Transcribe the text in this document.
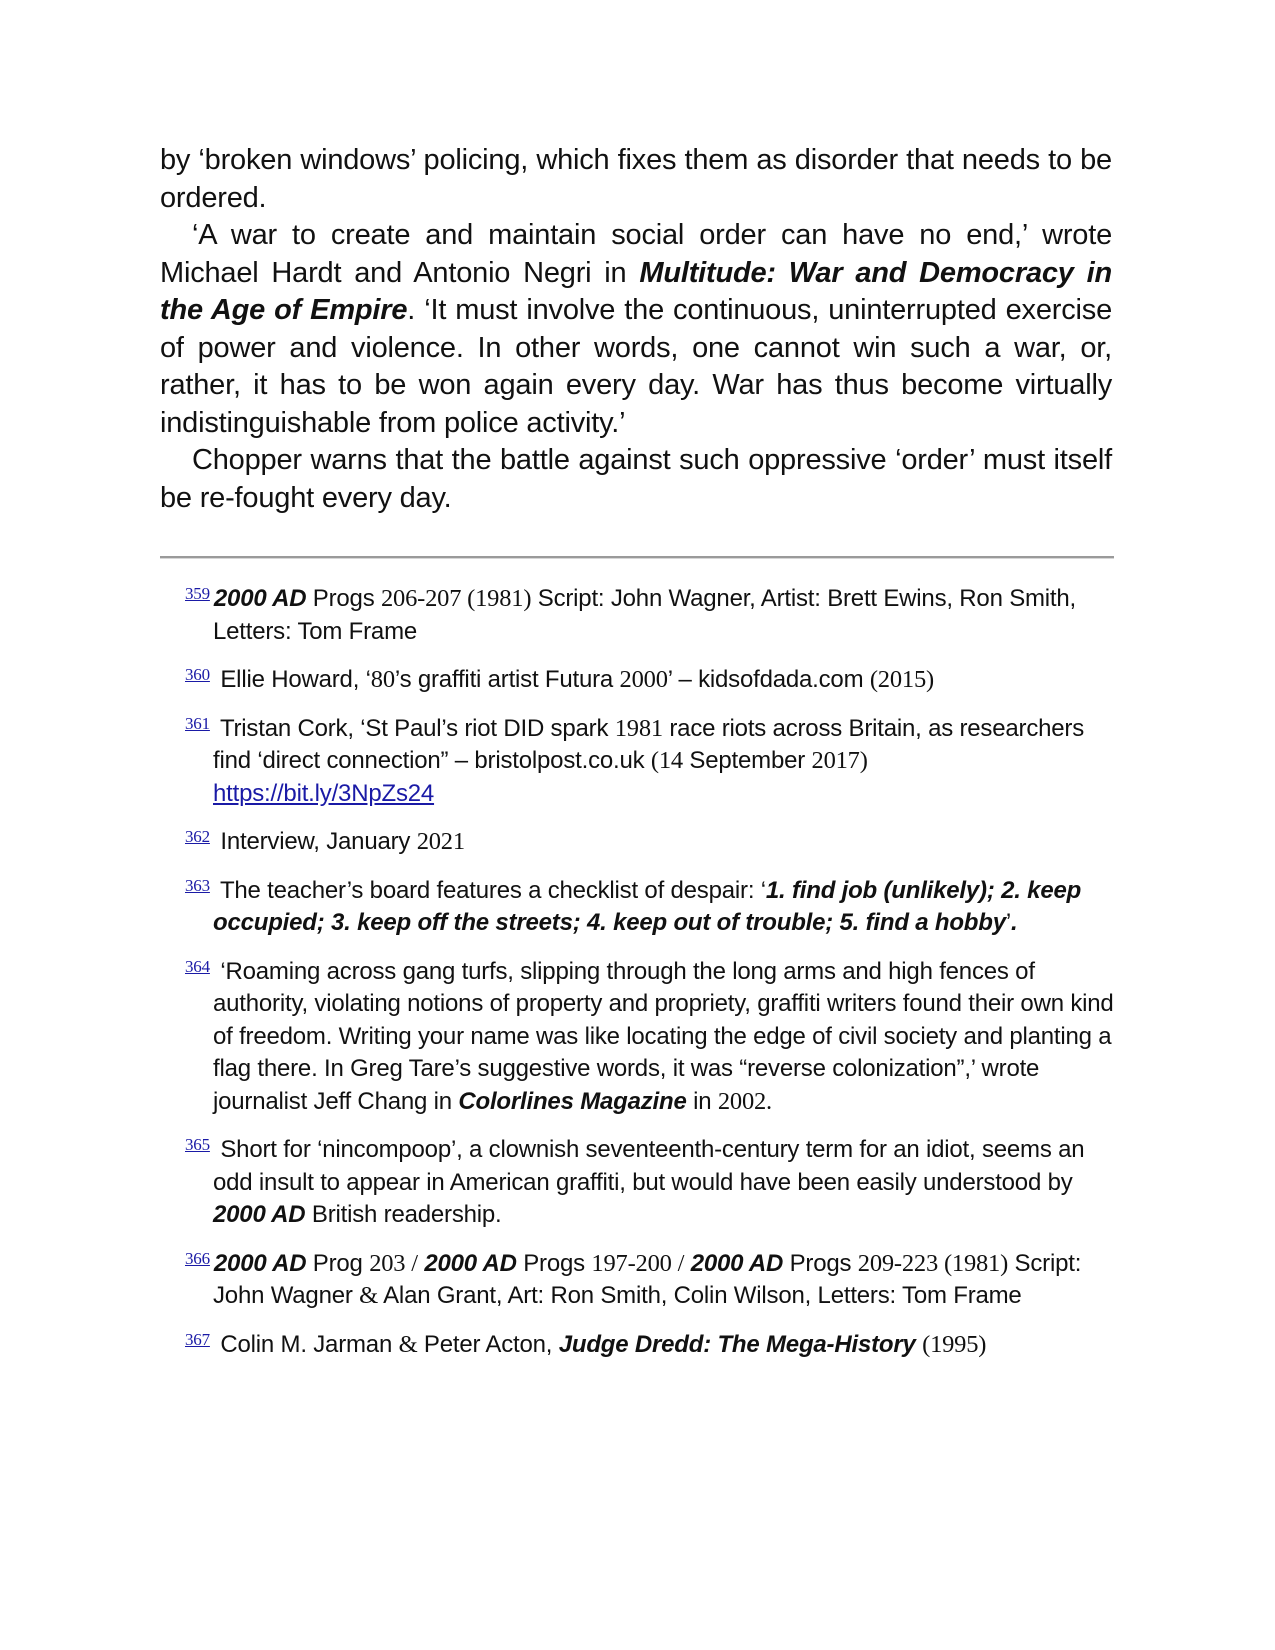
by ‘broken windows’ policing, which fixes them as disorder that needs to be ordered.

‘A war to create and maintain social order can have no end,’ wrote Michael Hardt and Antonio Negri in Multitude: War and Democracy in the Age of Empire. ‘It must involve the continuous, uninterrupted exercise of power and violence. In other words, one cannot win such a war, or, rather, it has to be won again every day. War has thus become virtually indistinguishable from police activity.’

Chopper warns that the battle against such oppressive ‘order’ must itself be re-fought every day.

$^{359}$ 2000 AD Progs 206-207 (1981) Script: John Wagner, Artist: Brett Ewins, Ron Smith, Letters: Tom Frame
$^{360}$ Ellie Howard, ‘80’s graffiti artist Futura 2000’ – kidsofdada.com (2015)
$^{361}$ Tristan Cork, ‘St Paul’s riot DID spark 1981 race riots across Britain, as researchers find ‘direct connection” – bristolpost.co.uk (14 September 2017)
https://bit.ly/3NpZs24
$^{362}$ Interview, January 2021
$^{363}$ The teacher’s board features a checklist of despair: ‘1. find job (unlikely); 2. keep occupied; 3. keep off the streets; 4. keep out of trouble; 5. find a hobby’.
$^{364}$ ‘Roaming across gang turfs, slipping through the long arms and high fences of authority, violating notions of property and propriety, graffiti writers found their own kind of freedom. Writing your name was like locating the edge of civil society and planting a flag there. In Greg Tare’s suggestive words, it was “reverse colonization”,’ wrote journalist Jeff Chang in Colorlines Magazine in 2002.
$^{365}$ Short for ‘nincompoop’, a clownish seventeenth-century term for an idiot, seems an odd insult to appear in American graffiti, but would have been easily understood by 2000 AD British readership.
$^{366}$ 2000 AD Prog 203 / 2000 AD Progs 197-200 / 2000 AD Progs 209-223 (1981) Script: John Wagner & Alan Grant, Art: Ron Smith, Colin Wilson, Letters: Tom Frame
$^{367}$ Colin M. Jarman & Peter Acton, Judge Dredd: The Mega-History (1995)
